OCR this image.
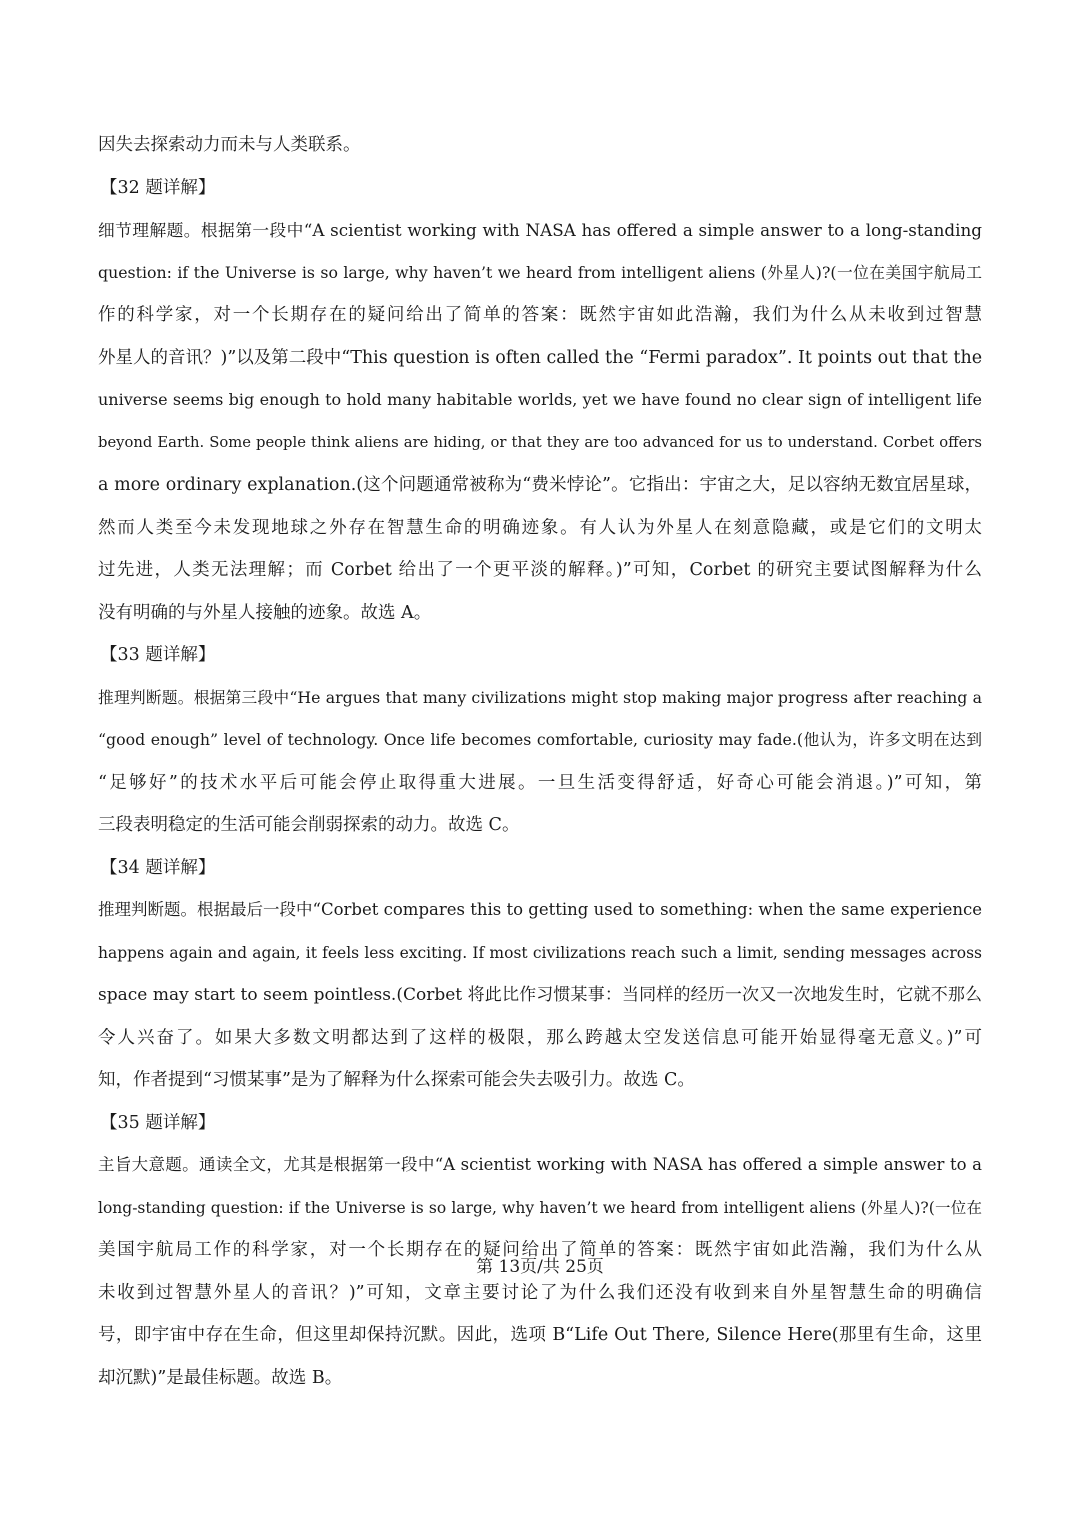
因失去探索动力而未与人类联系。
【32 题详解】
细节理解题。根据第一段中“A scientist working with NASA has offered a simple answer to a long-standing
question: if the Universe is so large, why haven’t we heard from intelligent aliens (外星人)?(一位在美国宇航局工
作的科学家，对一个长期存在的疑问给出了简单的答案：既然宇宙如此浩瀚，我们为什么从未收到过智慧
外星人的音讯？)”以及第二段中“This question is often called the “Fermi paradox”. It points out that the
universe seems big enough to hold many habitable worlds, yet we have found no clear sign of intelligent life
beyond Earth. Some people think aliens are hiding, or that they are too advanced for us to understand. Corbet offers
a more ordinary explanation.(这个问题通常被称为“费米悖论”。它指出：宇宙之大，足以容纳无数宜居星球，
然而人类至今未发现地球之外存在智慧生命的明确迹象。有人认为外星人在刻意隐藏，或是它们的文明太
过先进，人类无法理解；而 Corbet 给出了一个更平淡的解释。)”可知，Corbet 的研究主要试图解释为什么
没有明确的与外星人接触的迹象。故选 A。
【33 题详解】
推理判断题。根据第三段中“He argues that many civilizations might stop making major progress after reaching a
“good enough” level of technology. Once life becomes comfortable, curiosity may fade.(他认为，许多文明在达到
“足够好”的技术水平后可能会停止取得重大进展。一旦生活变得舒适，好奇心可能会消退。)”可知，第
三段表明稳定的生活可能会削弱探索的动力。故选 C。
【34 题详解】
推理判断题。根据最后一段中“Corbet compares this to getting used to something: when the same experience
happens again and again, it feels less exciting. If most civilizations reach such a limit, sending messages across
space may start to seem pointless.(Corbet 将此比作习惯某事：当同样的经历一次又一次地发生时，它就不那么
令人兴奋了。如果大多数文明都达到了这样的极限，那么跨越太空发送信息可能开始显得毫无意义。)”可
知，作者提到“习惯某事”是为了解释为什么探索可能会失去吸引力。故选 C。
【35 题详解】
主旨大意题。通读全文，尤其是根据第一段中“A scientist working with NASA has offered a simple answer to a
long-standing question: if the Universe is so large, why haven’t we heard from intelligent aliens (外星人)?(一位在
美国宇航局工作的科学家，对一个长期存在的疑问给出了简单的答案：既然宇宙如此浩瀚，我们为什么从
未收到过智慧外星人的音讯？)”可知，文章主要讨论了为什么我们还没有收到来自外星智慧生命的明确信
号，即宇宙中存在生命，但这里却保持沉默。因此，选项 B“Life Out There, Silence Here(那里有生命，这里
却沉默)”是最佳标题。故选 B。
第 13页/共 25页
